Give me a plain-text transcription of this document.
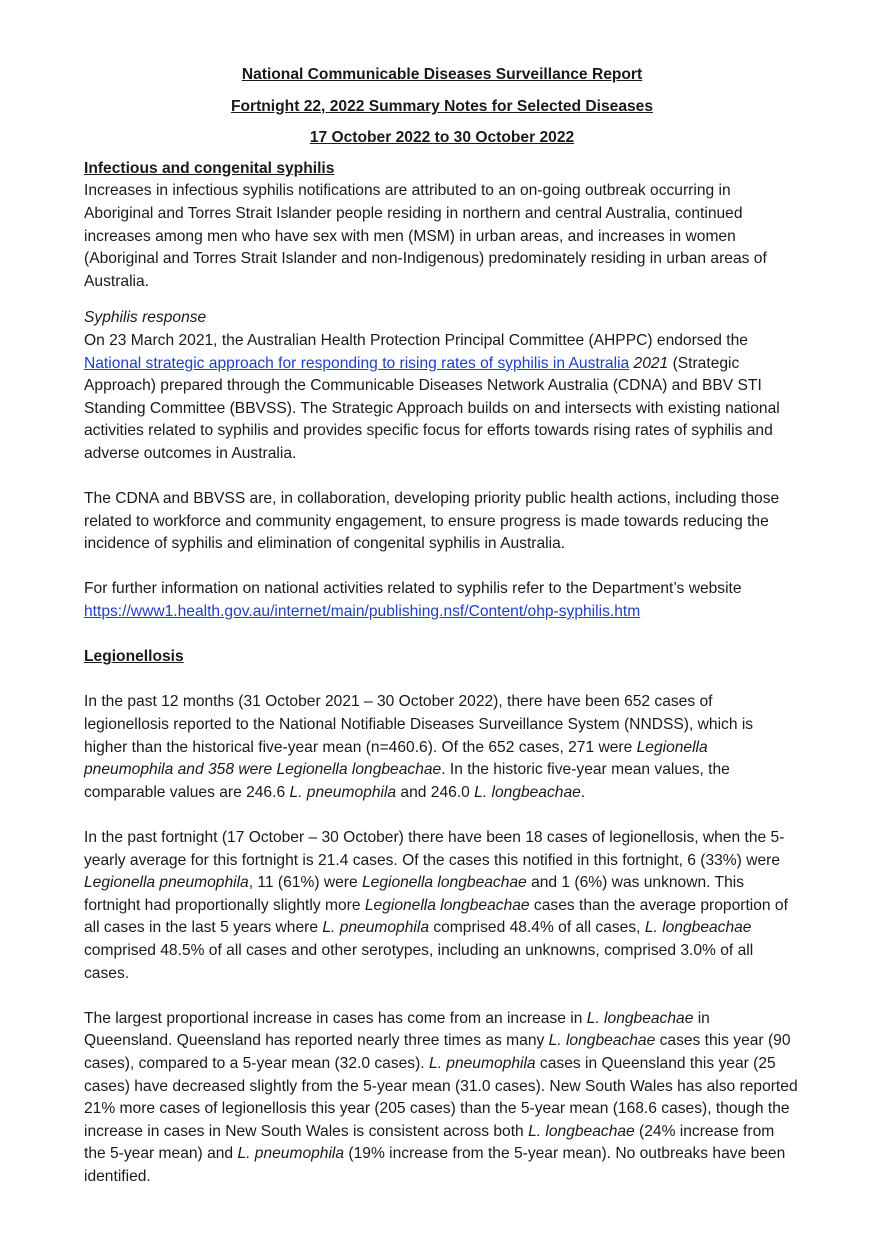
National Communicable Diseases Surveillance Report

Fortnight 22, 2022 Summary Notes for Selected Diseases

17 October 2022 to 30 October 2022

Infectious and congenital syphilis

Increases in infectious syphilis notifications are attributed to an on-going outbreak occurring in Aboriginal and Torres Strait Islander people residing in northern and central Australia, continued increases among men who have sex with men (MSM) in urban areas, and increases in women (Aboriginal and Torres Strait Islander and non-Indigenous) predominately residing in urban areas of Australia.

Syphilis response

On 23 March 2021, the Australian Health Protection Principal Committee (AHPPC) endorsed the National strategic approach for responding to rising rates of syphilis in Australia 2021 (Strategic Approach) prepared through the Communicable Diseases Network Australia (CDNA) and BBV STI Standing Committee (BBVSS). The Strategic Approach builds on and intersects with existing national activities related to syphilis and provides specific focus for efforts towards rising rates of syphilis and adverse outcomes in Australia.

The CDNA and BBVSS are, in collaboration, developing priority public health actions, including those related to workforce and community engagement, to ensure progress is made towards reducing the incidence of syphilis and elimination of congenital syphilis in Australia.

For further information on national activities related to syphilis refer to the Department’s website

https://www1.health.gov.au/internet/main/publishing.nsf/Content/ohp-syphilis.htm

Legionellosis

In the past 12 months (31 October 2021 – 30 October 2022), there have been 652 cases of legionellosis reported to the National Notifiable Diseases Surveillance System (NNDSS), which is higher than the historical five-year mean (n=460.6). Of the 652 cases, 271 were Legionella pneumophila and 358 were Legionella longbeachae. In the historic five-year mean values, the comparable values are 246.6 L. pneumophila and 246.0 L. longbeachae.

In the past fortnight (17 October – 30 October) there have been 18 cases of legionellosis, when the 5-yearly average for this fortnight is 21.4 cases. Of the cases this notified in this fortnight, 6 (33%) were Legionella pneumophila, 11 (61%) were Legionella longbeachae and 1 (6%) was unknown. This fortnight had proportionally slightly more Legionella longbeachae cases than the average proportion of all cases in the last 5 years where L. pneumophila comprised 48.4% of all cases, L. longbeachae comprised 48.5% of all cases and other serotypes, including an unknowns, comprised 3.0% of all cases.

The largest proportional increase in cases has come from an increase in L. longbeachae in Queensland. Queensland has reported nearly three times as many L. longbeachae cases this year (90 cases), compared to a 5-year mean (32.0 cases). L. pneumophila cases in Queensland this year (25 cases) have decreased slightly from the 5-year mean (31.0 cases). New South Wales has also reported 21% more cases of legionellosis this year (205 cases) than the 5-year mean (168.6 cases), though the increase in cases in New South Wales is consistent across both L. longbeachae (24% increase from the 5-year mean) and L. pneumophila (19% increase from the 5-year mean). No outbreaks have been identified.
